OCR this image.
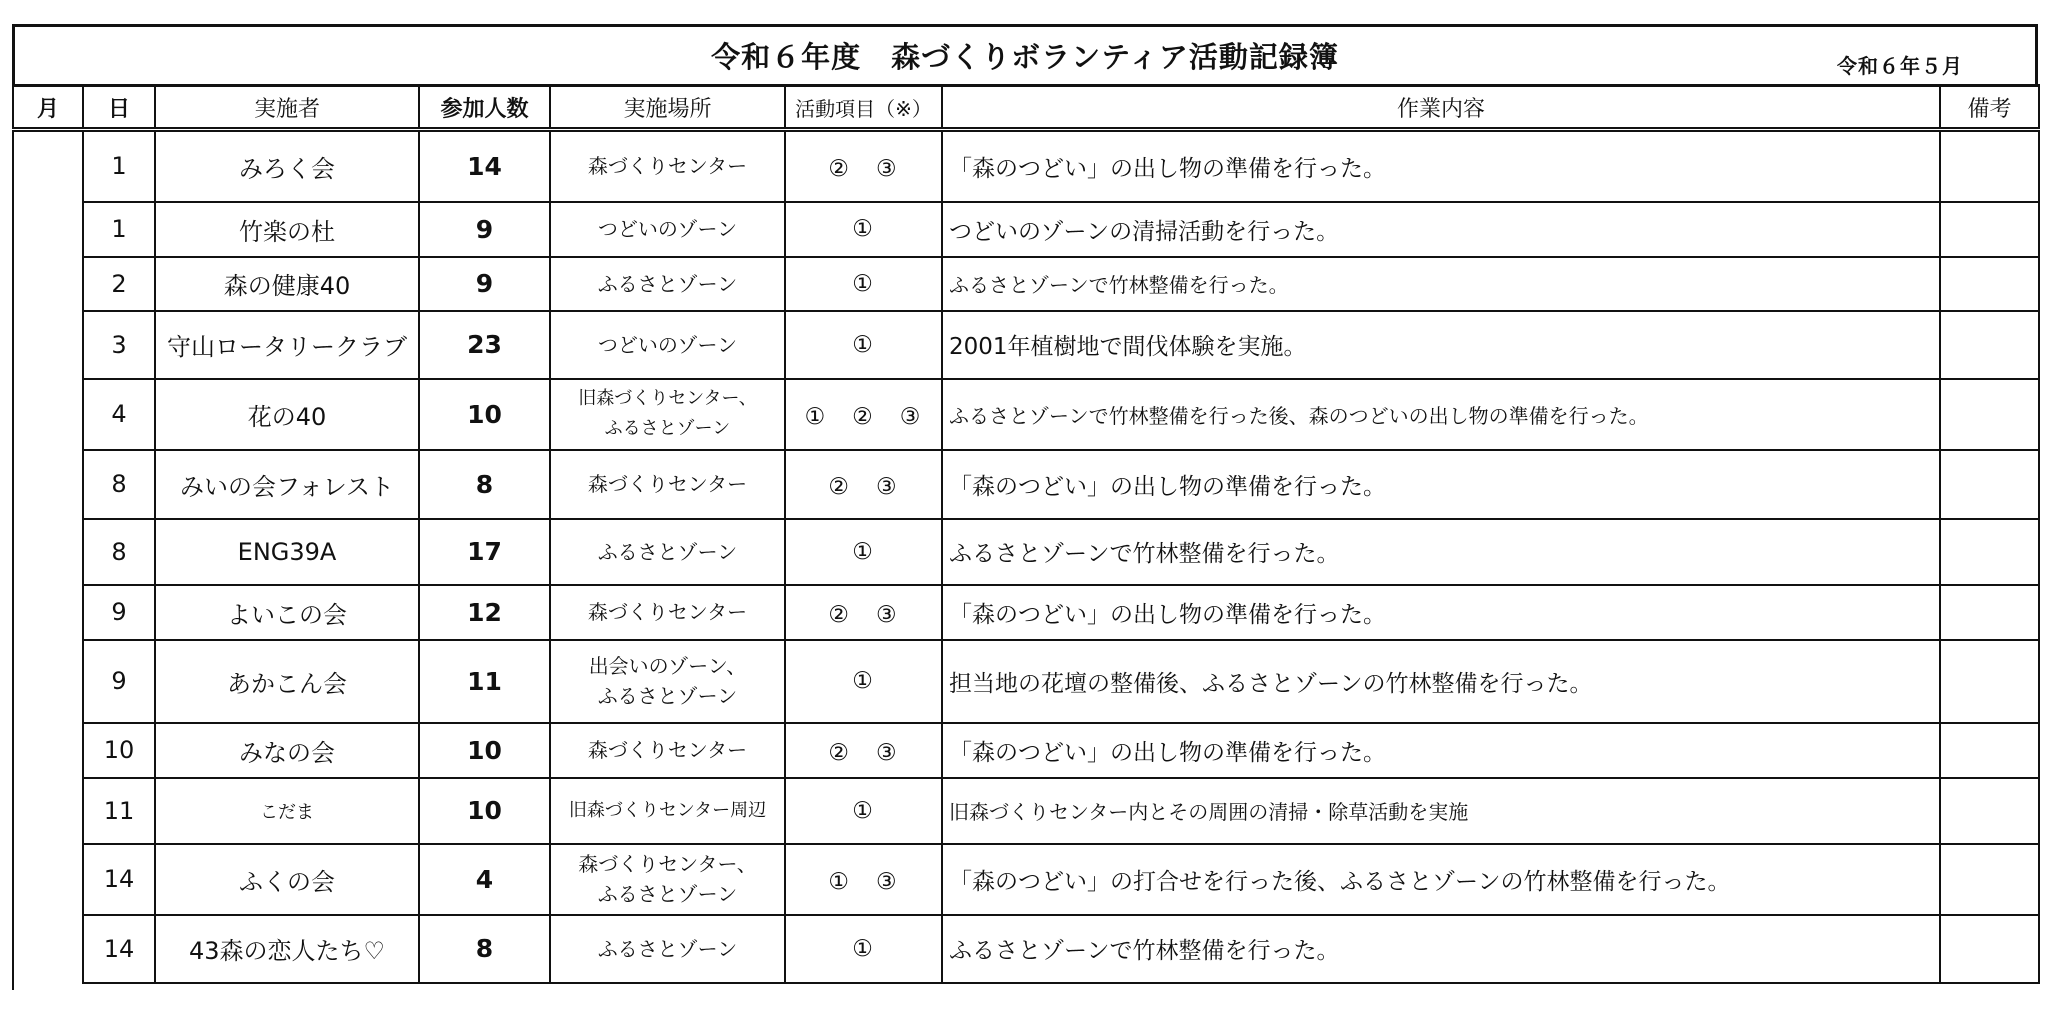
令和６年度　森づくりボランティア活動記録簿	令和６年５月
月	日	実施者	参加人数	実施場所	活動項目（※）	作業内容	備考
	1	みろく会	14	森づくりセンター	②　③	「森のつどい」の出し物の準備を行った。	
	1	竹楽の杜	9	つどいのゾーン	①	つどいのゾーンの清掃活動を行った。	
	2	森の健康40	9	ふるさとゾーン	①	ふるさとゾーンで竹林整備を行った。	
	3	守山ロータリークラブ	23	つどいのゾーン	①	2001年植樹地で間伐体験を実施。	
	4	花の40	10	旧森づくりセンター、
ふるさとゾーン	①　②　③	ふるさとゾーンで竹林整備を行った後、森のつどいの出し物の準備を行った。	
	8	みいの会フォレスト	8	森づくりセンター	②　③	「森のつどい」の出し物の準備を行った。	
	8	ENG39A	17	ふるさとゾーン	①	ふるさとゾーンで竹林整備を行った。	
	9	よいこの会	12	森づくりセンター	②　③	「森のつどい」の出し物の準備を行った。	
	9	あかこん会	11	出会いのゾーン、
ふるさとゾーン	①	担当地の花壇の整備後、ふるさとゾーンの竹林整備を行った。	
	10	みなの会	10	森づくりセンター	②　③	「森のつどい」の出し物の準備を行った。	
	11	こだま	10	旧森づくりセンター周辺	①	旧森づくりセンター内とその周囲の清掃・除草活動を実施	
	14	ふくの会	4	森づくりセンター、
ふるさとゾーン	①　③	「森のつどい」の打合せを行った後、ふるさとゾーンの竹林整備を行った。	
	14	43森の恋人たち♡	8	ふるさとゾーン	①	ふるさとゾーンで竹林整備を行った。	
